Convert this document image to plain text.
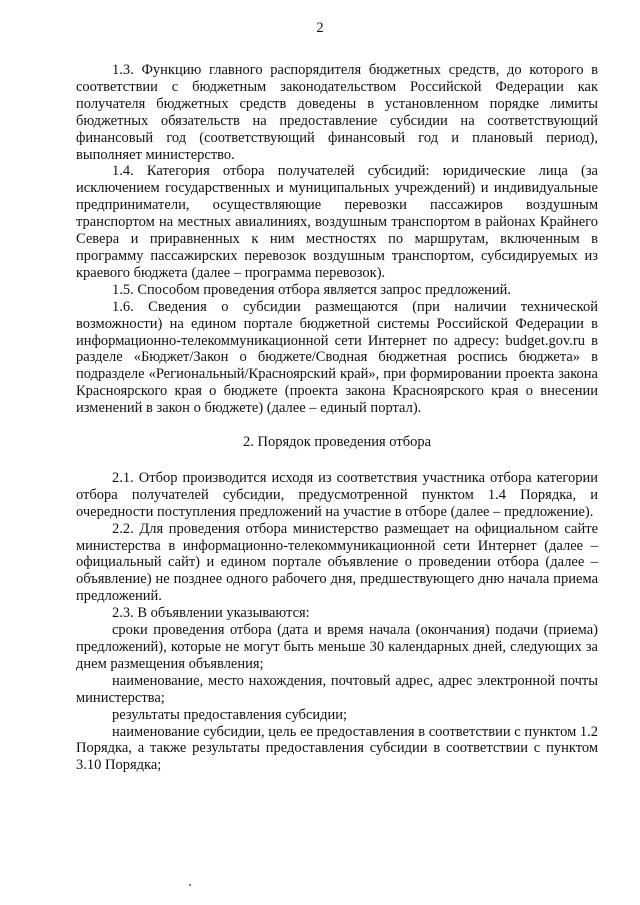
2

1.3. Функцию главного распорядителя бюджетных средств, до которого в соответствии с бюджетным законодательством Российской Федерации как получателя бюджетных средств доведены в установленном порядке лимиты бюджетных обязательств на предоставление субсидии на соответствующий финансовый год (соответствующий финансовый год и плановый период), выполняет министерство.

1.4. Категория отбора получателей субсидий: юридические лица (за исключением государственных и муниципальных учреждений) и индивидуальные предприниматели, осуществляющие перевозки пассажиров воздушным транспортом на местных авиалиниях, воздушным транспортом в районах Крайнего Севера и приравненных к ним местностях по маршрутам, включенным в программу пассажирских перевозок воздушным транспортом, субсидируемых из краевого бюджета (далее – программа перевозок).

1.5. Способом проведения отбора является запрос предложений.

1.6. Сведения о субсидии размещаются (при наличии технической возможности) на едином портале бюджетной системы Российской Федерации в информационно-телекоммуникационной сети Интернет по адресу: budget.gov.ru в разделе «Бюджет/Закон о бюджете/Сводная бюджетная роспись бюджета» в подразделе «Региональный/Красноярский край», при формировании проекта закона Красноярского края о бюджете (проекта закона Красноярского края о внесении изменений в закон о бюджете) (далее – единый портал).

2. Порядок проведения отбора

2.1. Отбор производится исходя из соответствия участника отбора категории отбора получателей субсидии, предусмотренной пунктом 1.4 Порядка, и очередности поступления предложений на участие в отборе (далее – предложение).

2.2. Для проведения отбора министерство размещает на официальном сайте министерства в информационно-телекоммуникационной сети Интернет (далее – официальный сайт) и едином портале объявление о проведении отбора (далее – объявление) не позднее одного рабочего дня, предшествующего дню начала приема предложений.

2.3. В объявлении указываются:

сроки проведения отбора (дата и время начала (окончания) подачи (приема) предложений), которые не могут быть меньше 30 календарных дней, следующих за днем размещения объявления;

наименование, место нахождения, почтовый адрес, адрес электронной почты министерства;

результаты предоставления субсидии;

наименование субсидии, цель ее предоставления в соответствии с пунктом 1.2 Порядка, а также результаты предоставления субсидии в соответствии с пунктом 3.10 Порядка;
